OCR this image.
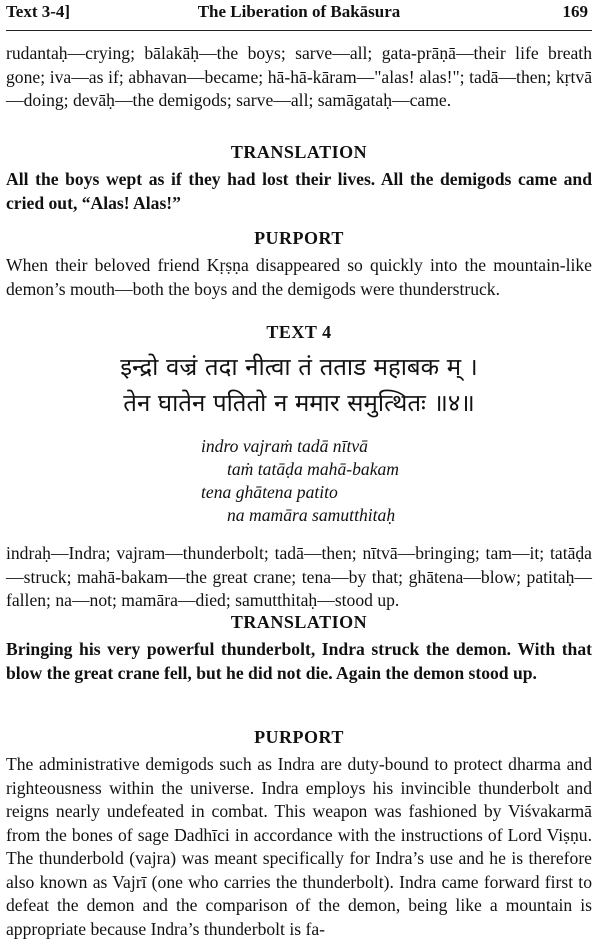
Text 3-4]	The Liberation of Bakāsura	169

rudantaḥ—crying; bālakāḥ—the boys; sarve—all; gata-prāṇā—their life breath gone; iva—as if; abhavan—became; hā-hā-kāram—"alas! alas!"; tadā—then; kṛtvā—doing; devāḥ—the demigods; sarve—all; samāgataḥ—came.

TRANSLATION

All the boys wept as if they had lost their lives. All the demigods came and cried out, “Alas! Alas!”

PURPORT

When their beloved friend Kṛṣṇa disappeared so quickly into the mountain-like demon’s mouth—both the boys and the demigods were thunderstruck.

TEXT 4
इन्द्रो वज्रं तदा नीत्वा तं तताड महाबक म् ।
तेन घातेन पतितो न ममार समुत्थितः ॥४॥
indro vajraṁ tadā nītvā
taṁ tatāḍa mahā-bakam
tena ghātena patito
na mamāra samutthitaḥ

indraḥ—Indra; vajram—thunderbolt; tadā—then; nītvā—bringing; tam—it; tatāḍa—struck; mahā-bakam—the great crane; tena—by that; ghātena—blow; patitaḥ—fallen; na—not; mamāra—died; samutthitaḥ—stood up.

TRANSLATION

Bringing his very powerful thunderbolt, Indra struck the demon. With that blow the great crane fell, but he did not die. Again the demon stood up.

PURPORT

The administrative demigods such as Indra are duty-bound to protect dharma and righteousness within the universe. Indra employs his invincible thunderbolt and reigns nearly undefeated in combat. This weapon was fashioned by Viśvakarmā from the bones of sage Dadhīci in accordance with the instructions of Lord Viṣṇu. The thunderbold (vajra) was meant specifically for Indra’s use and he is therefore also known as Vajrī (one who carries the thunderbolt). Indra came forward first to defeat the demon and the comparison of the demon, being like a mountain is appropriate because Indra’s thunderbolt is fa-
